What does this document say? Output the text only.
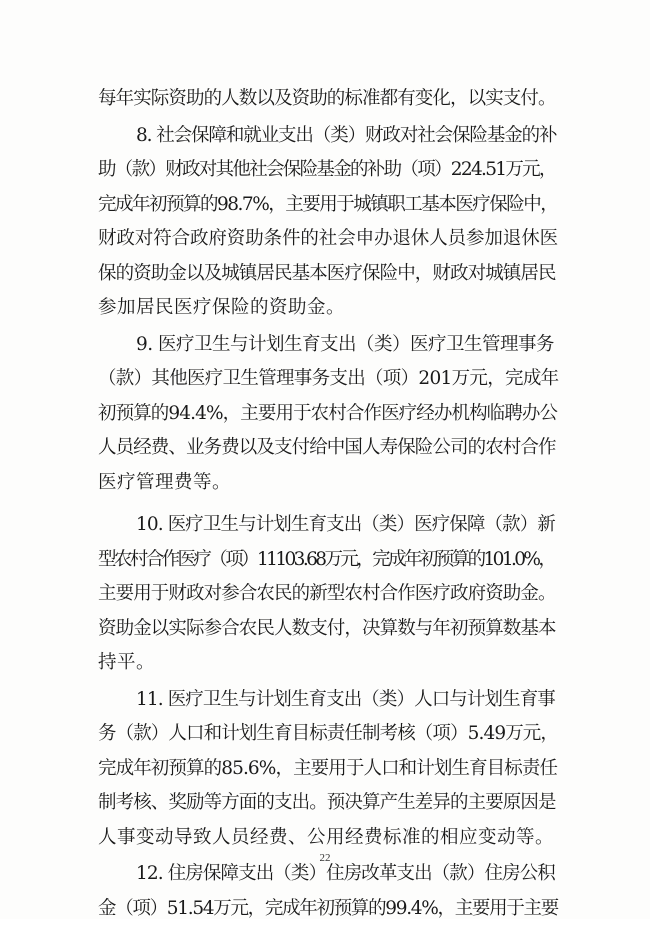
每年实际资助的人数以及资助的标准都有变化，以实支付。
8. 社会保障和就业支出（类）财政对社会保险基金的补
助（款）财政对其他社会保险基金的补助（项）224.51万元，
完成年初预算的98.7%，主要用于城镇职工基本医疗保险中，
财政对符合政府资助条件的社会申办退休人员参加退休医
保的资助金以及城镇居民基本医疗保险中，财政对城镇居民
参加居民医疗保险的资助金。
9. 医疗卫生与计划生育支出（类）医疗卫生管理事务
（款）其他医疗卫生管理事务支出（项）201万元，完成年
初预算的94.4%，主要用于农村合作医疗经办机构临聘办公
人员经费、业务费以及支付给中国人寿保险公司的农村合作
医疗管理费等。
10. 医疗卫生与计划生育支出（类）医疗保障（款）新
型农村合作医疗（项）11103.68万元，完成年初预算的101.0%，
主要用于财政对参合农民的新型农村合作医疗政府资助金。
资助金以实际参合农民人数支付，决算数与年初预算数基本
持平。
11. 医疗卫生与计划生育支出（类）人口与计划生育事
务（款）人口和计划生育目标责任制考核（项）5.49万元，
完成年初预算的85.6%，主要用于人口和计划生育目标责任
制考核、奖励等方面的支出。预决算产生差异的主要原因是
人事变动导致人员经费、公用经费标准的相应变动等。
12. 住房保障支出（类）住房改革支出（款）住房公积
金（项）51.54万元，完成年初预算的99.4%，主要用于主要
22
